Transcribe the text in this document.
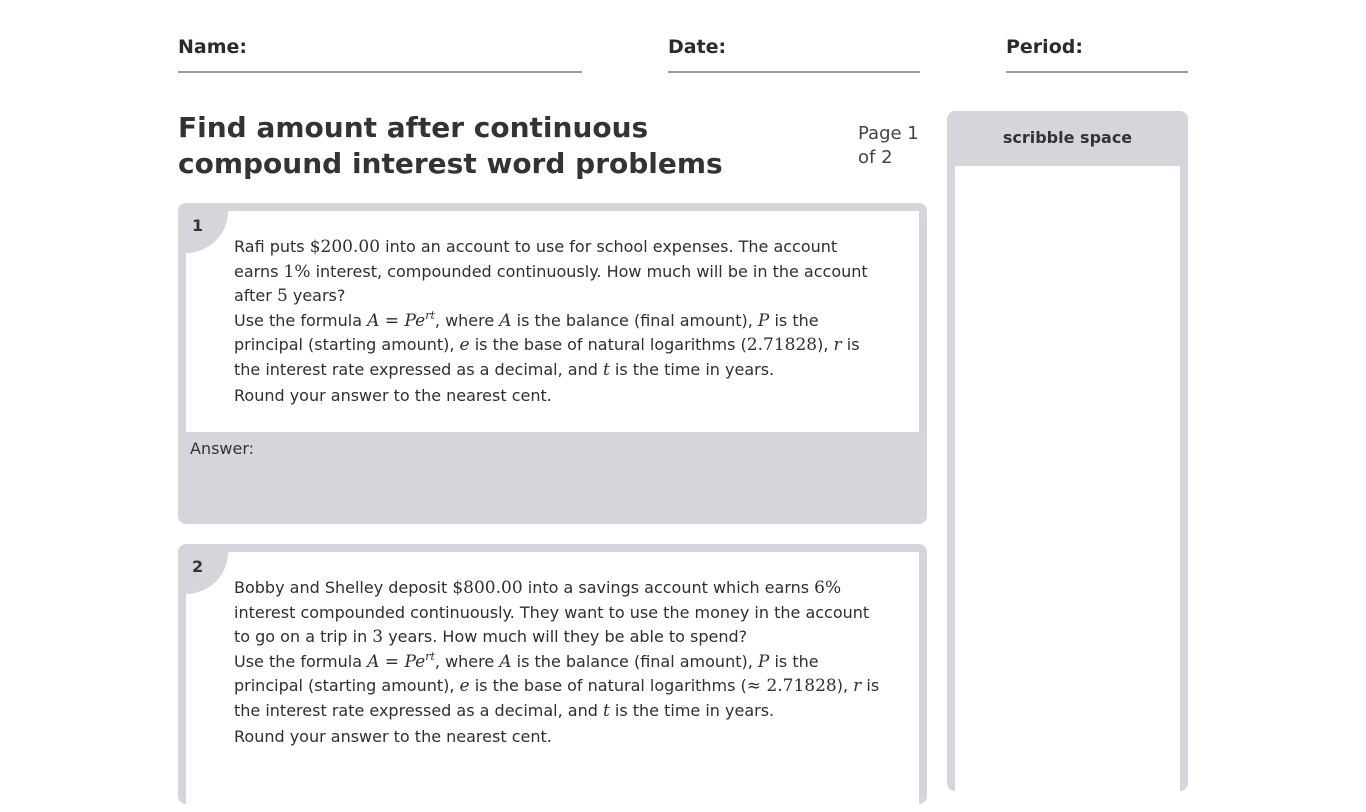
Name:	Date:	Period:
Find amount after continuous compound interest word problems
Page 1 of 2
scribble space
1

Rafi puts $200.00 into an account to use for school expenses. The account earns 1% interest, compounded continuously. How much will be in the account after 5 years?

Use the formula $A = Pe^{rt}$, where A is the balance (final amount), P is the principal (starting amount), e is the base of natural logarithms (2.71828), r is the interest rate expressed as a decimal, and t is the time in years.

Round your answer to the nearest cent.

Answer:
2

Bobby and Shelley deposit $800.00 into a savings account which earns 6% interest compounded continuously. They want to use the money in the account to go on a trip in 3 years. How much will they be able to spend?

Use the formula $A = Pe^{rt}$, where A is the balance (final amount), P is the principal (starting amount), e is the base of natural logarithms (≈ 2.71828), r is the interest rate expressed as a decimal, and t is the time in years.

Round your answer to the nearest cent.
